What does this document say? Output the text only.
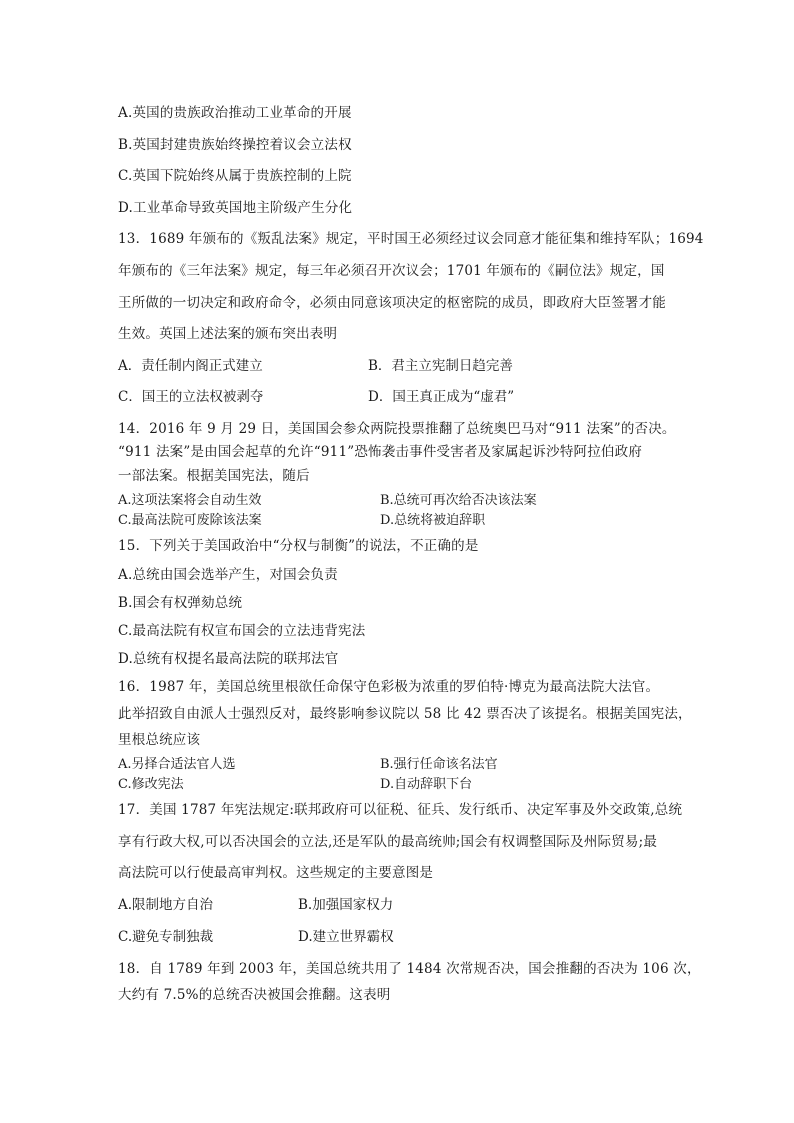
A.英国的贵族政治推动工业革命的开展
B.英国封建贵族始终操控着议会立法权
C.英国下院始终从属于贵族控制的上院
D.工业革命导致英国地主阶级产生分化
13．1689 年颁布的《叛乱法案》规定，平时国王必须经过议会同意才能征集和维持军队；1694
年颁布的《三年法案》规定，每三年必须召开次议会；1701 年颁布的《嗣位法》规定，国
王所做的一切决定和政府命令，必须由同意该项决定的枢密院的成员，即政府大臣签署才能
生效。英国上述法案的颁布突出表明
A．责任制内阁正式建立	B．君主立宪制日趋完善
C．国王的立法权被剥夺	D．国王真正成为“虚君”
14．2016 年 9 月 29 日，美国国会参众两院投票推翻了总统奥巴马对“911 法案”的否决。
“911 法案”是由国会起草的允许“911”恐怖袭击事件受害者及家属起诉沙特阿拉伯政府
一部法案。根据美国宪法，随后
A.这项法案将会自动生效	B.总统可再次给否决该法案
C.最高法院可废除该法案	D.总统将被迫辞职
15．下列关于美国政治中“分权与制衡”的说法，不正确的是
A.总统由国会选举产生，对国会负责
B.国会有权弹劾总统
C.最高法院有权宣布国会的立法违背宪法
D.总统有权提名最高法院的联邦法官
16．1987 年，美国总统里根欲任命保守色彩极为浓重的罗伯特·博克为最高法院大法官。
此举招致自由派人士强烈反对，最终影响参议院以 58 比 42 票否决了该提名。根据美国宪法，
里根总统应该
A.另择合适法官人选	B.强行任命该名法官
C.修改宪法	D.自动辞职下台
17．美国 1787 年宪法规定:联邦政府可以征税、征兵、发行纸币、决定军事及外交政策,总统
享有行政大权,可以否决国会的立法,还是军队的最高统帅;国会有权调整国际及州际贸易;最
高法院可以行使最高审判权。这些规定的主要意图是
A.限制地方自治	B.加强国家权力
C.避免专制独裁	D.建立世界霸权
18．自 1789 年到 2003 年，美国总统共用了 1484 次常规否决，国会推翻的否决为 106 次，
大约有 7.5%的总统否决被国会推翻。这表明
